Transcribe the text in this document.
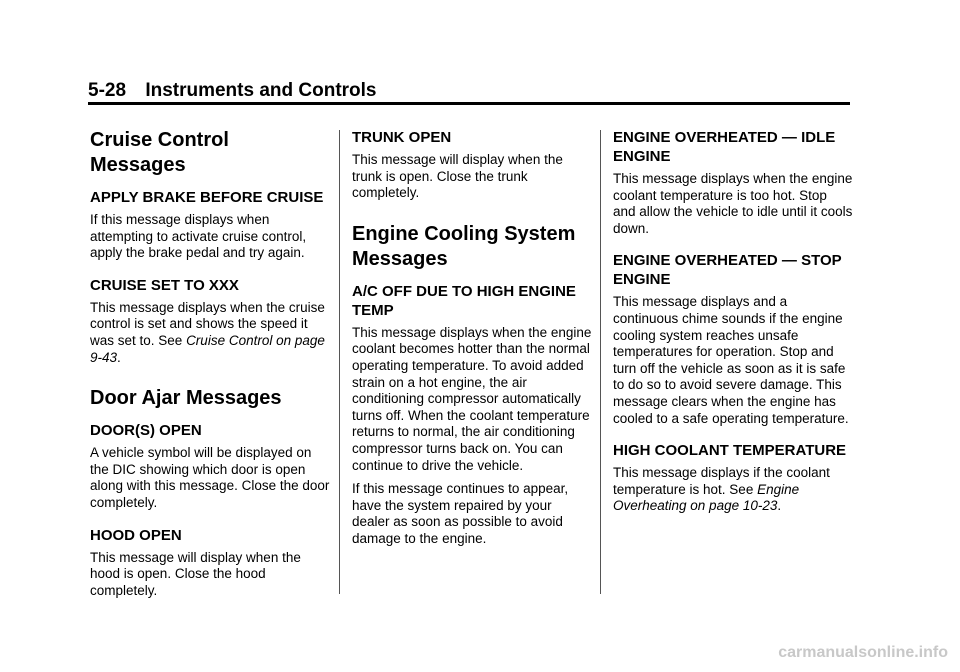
5-28 Instruments and Controls
Cruise Control Messages
APPLY BRAKE BEFORE CRUISE

If this message displays when attempting to activate cruise control, apply the brake pedal and try again.

CRUISE SET TO XXX

This message displays when the cruise control is set and shows the speed it was set to. See Cruise Control on page 9-43.

Door Ajar Messages
DOOR(S) OPEN

A vehicle symbol will be displayed on the DIC showing which door is open along with this message. Close the door completely.

HOOD OPEN

This message will display when the hood is open. Close the hood completely.

TRUNK OPEN

This message will display when the trunk is open. Close the trunk completely.

Engine Cooling System Messages
A/C OFF DUE TO HIGH ENGINE TEMP

This message displays when the engine coolant becomes hotter than the normal operating temperature. To avoid added strain on a hot engine, the air conditioning compressor automatically turns off. When the coolant temperature returns to normal, the air conditioning compressor turns back on. You can continue to drive the vehicle.

If this message continues to appear, have the system repaired by your dealer as soon as possible to avoid damage to the engine.

ENGINE OVERHEATED — IDLE ENGINE

This message displays when the engine coolant temperature is too hot. Stop and allow the vehicle to idle until it cools down.

ENGINE OVERHEATED — STOP ENGINE

This message displays and a continuous chime sounds if the engine cooling system reaches unsafe temperatures for operation. Stop and turn off the vehicle as soon as it is safe to do so to avoid severe damage. This message clears when the engine has cooled to a safe operating temperature.

HIGH COOLANT TEMPERATURE

This message displays if the coolant temperature is hot. See Engine Overheating on page 10-23.

carmanualsonline.info
